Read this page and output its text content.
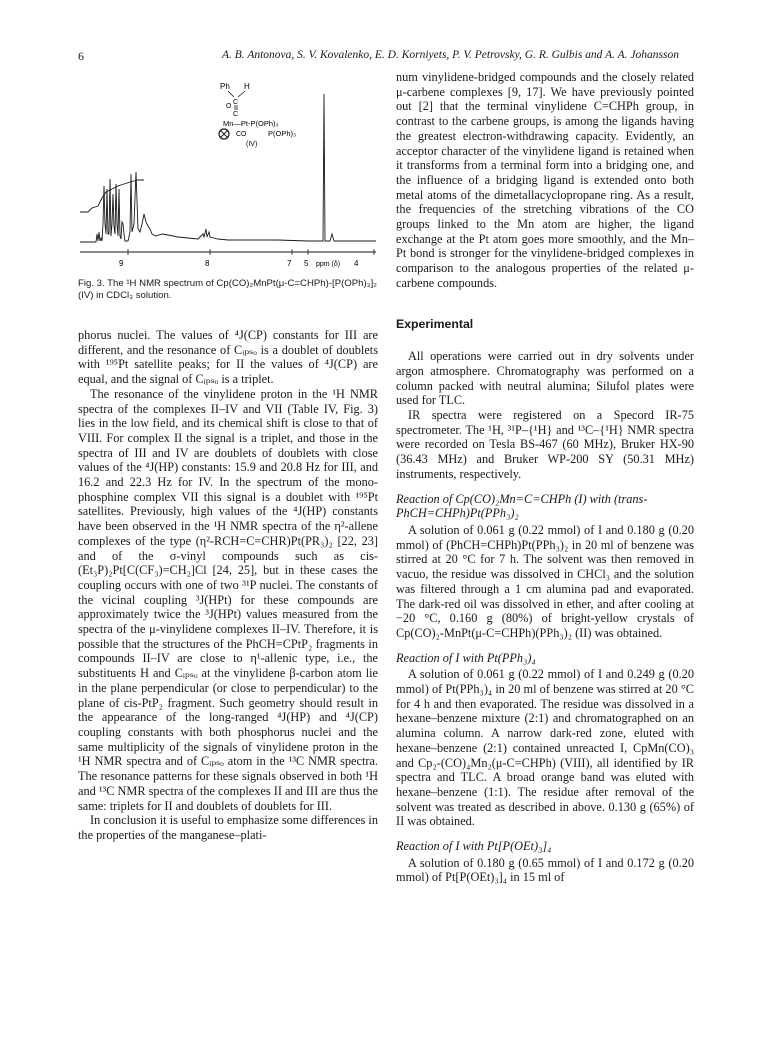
6	A. B. Antonova, S. V. Kovalenko, E. D. Korniyets, P. V. Petrovsky, G. R. Gulbis and A. A. Johansson
Ph H
C
O
C
Mn—Pt-P(OPh)₃
CO	P(OPh)₃
(IV)
9	8	7 5 ppm (δ) 4
Fig. 3. The ¹H NMR spectrum of Cp(CO)₂MnPt(μ-C=CHPh)-[P(OPh)₃]₂ (IV) in CDCl₃ solution.

phorus nuclei. The values of ⁴J(CP) constants for III are different, and the resonance of Cᵢₚₛₒ is a doublet of doublets with ¹⁹⁵Pt satellite peaks; for II the values of ⁴J(CP) are equal, and the signal of Cᵢₚₛₒ is a triplet.

The resonance of the vinylidene proton in the ¹H NMR spectra of the complexes II–IV and VII (Table IV, Fig. 3) lies in the low field, and its chemical shift is close to that of VIII. For complex II the signal is a triplet, and those in the spectra of III and IV are doublets of doublets with close values of the ⁴J(HP) constants: 15.9 and 20.8 Hz for III, and 16.2 and 22.3 Hz for IV. In the spectrum of the mono-phosphine complex VII this signal is a doublet with ¹⁹⁵Pt satellites. Previously, high values of the ⁴J(HP) constants have been observed in the ¹H NMR spectra of the η²-allene complexes of the type (η²-RCH=C=CHR)Pt(PR₃)₂ [22, 23] and of the σ-vinyl compounds such as cis-(Et₃P)₂Pt[C(CF₃)=CH₂]Cl [24, 25], but in these cases the coupling occurs with one of two ³¹P nuclei. The constants of the vicinal coupling ³J(HPt) for these compounds are approximately twice the ³J(HPt) values measured from the spectra of the μ-vinylidene complexes II–IV. Therefore, it is possible that the structures of the PhCH=CPtP₂ fragments in compounds II–IV are close to η¹-allenic type, i.e., the substituents H and Cᵢₚₛₒ at the vinylidene β-carbon atom lie in the plane perpendicular (or close to perpendicular) to the plane of cis-PtP₂ fragment. Such geometry should result in the appearance of the long-ranged ⁴J(HP) and ⁴J(CP) coupling constants with both phosphorus nuclei and the same multiplicity of the signals of vinylidene proton in the ¹H NMR spectra and of Cᵢₚₛₒ atom in the ¹³C NMR spectra. The resonance patterns for these signals observed in both ¹H and ¹³C NMR spectra of the complexes II and III are thus the same: triplets for II and doublets of doublets for III.

In conclusion it is useful to emphasize some differences in the properties of the manganese–plati-

num vinylidene-bridged compounds and the closely related μ-carbene complexes [9, 17]. We have previously pointed out [2] that the terminal vinylidene C=CHPh group, in contrast to the carbene groups, is among the ligands having the greatest electron-withdrawing capacity. Evidently, an acceptor character of the vinylidene ligand is retained when it transforms from a terminal form into a bridging one, and the influence of a bridging ligand is extended onto both metal atoms of the dimetallacyclopropane ring. As a result, the frequencies of the stretching vibrations of the CO groups linked to the Mn atom are higher, the ligand exchange at the Pt atom goes more smoothly, and the Mn–Pt bond is stronger for the vinylidene-bridged complexes in comparison to the analogous properties of the related μ-carbene compounds.

Experimental

All operations were carried out in dry solvents under argon atmosphere. Chromatography was performed on a column packed with neutral alumina; Silufol plates were used for TLC.

IR spectra were registered on a Specord IR-75 spectrometer. The ¹H, ³¹P–{¹H} and ¹³C–{¹H} NMR spectra were recorded on Tesla BS-467 (60 MHz), Bruker HX-90 (36.43 MHz) and Bruker WP-200 SY (50.31 MHz) instruments, respectively.

Reaction of Cp(CO)₂Mn=C=CHPh (I) with (trans-PhCH=CHPh)Pt(PPh₃)₂

A solution of 0.061 g (0.22 mmol) of I and 0.180 g (0.20 mmol) of (PhCH=CHPh)Pt(PPh₃)₂ in 20 ml of benzene was stirred at 20 °C for 7 h. The solvent was then removed in vacuo, the residue was dissolved in CHCl₃ and the solution was filtered through a 1 cm alumina pad and evaporated. The dark-red oil was dissolved in ether, and after cooling at −20 °C, 0.160 g (80%) of bright-yellow crystals of Cp(CO)₂-MnPt(μ-C=CHPh)(PPh₃)₂ (II) was obtained.

Reaction of I with Pt(PPh₃)₄

A solution of 0.061 g (0.22 mmol) of I and 0.249 g (0.20 mmol) of Pt(PPh₃)₄ in 20 ml of benzene was stirred at 20 °C for 4 h and then evaporated. The residue was dissolved in a hexane–benzene mixture (2:1) and chromatographed on an alumina column. A narrow dark-red zone, eluted with hexane–benzene (2:1) contained unreacted I, CpMn(CO)₃ and Cp₂-(CO)₄Mn₂(μ-C=CHPh) (VIII), all identified by IR spectra and TLC. A broad orange band was eluted with hexane–benzene (1:1). The residue after removal of the solvent was treated as described in above. 0.130 g (65%) of II was obtained.

Reaction of I with Pt[P(OEt)₃]₄

A solution of 0.180 g (0.65 mmol) of I and 0.172 g (0.20 mmol) of Pt[P(OEt)₃]₄ in 15 ml of
